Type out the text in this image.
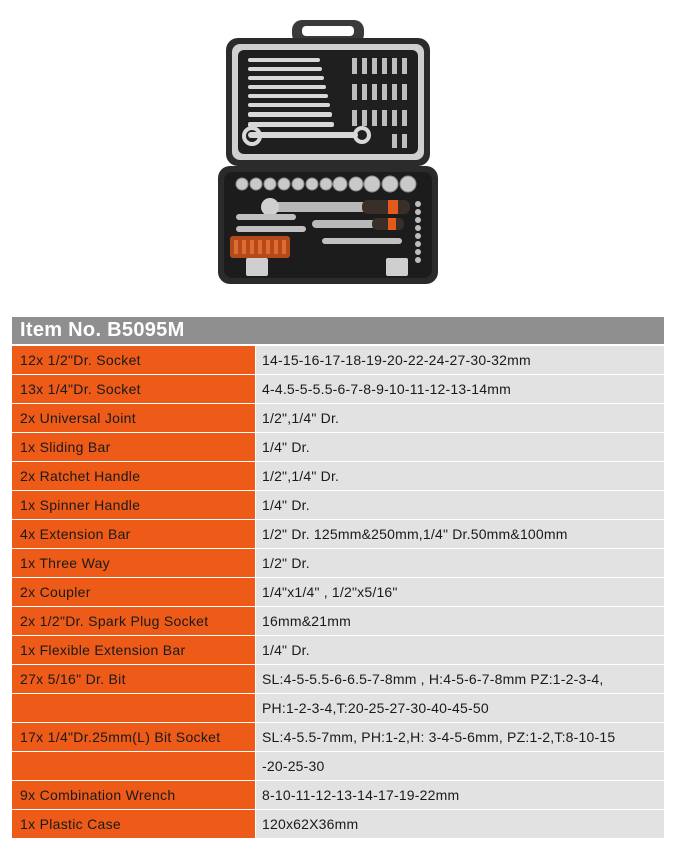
Item No. B5095M
12x 1/2"Dr. Socket	14-15-16-17-18-19-20-22-24-27-30-32mm
13x 1/4"Dr. Socket	4-4.5-5-5.5-6-7-8-9-10-11-12-13-14mm
2x Universal Joint	1/2",1/4" Dr.
1x Sliding Bar	1/4" Dr.
2x Ratchet Handle	1/2",1/4" Dr.
1x Spinner Handle	1/4" Dr.
4x Extension Bar	1/2" Dr. 125mm&250mm,1/4" Dr.50mm&100mm
1x Three Way	1/2" Dr.
2x Coupler	1/4"x1/4" , 1/2"x5/16"
2x 1/2"Dr. Spark Plug Socket	16mm&21mm
1x Flexible Extension Bar	1/4" Dr.
27x 5/16" Dr. Bit	SL:4-5-5.5-6-6.5-7-8mm , H:4-5-6-7-8mm PZ:1-2-3-4,
PH:1-2-3-4,T:20-25-27-30-40-45-50
17x 1/4"Dr.25mm(L) Bit Socket	SL:4-5.5-7mm, PH:1-2,H: 3-4-5-6mm, PZ:1-2,T:8-10-15
-20-25-30
9x Combination Wrench	8-10-11-12-13-14-17-19-22mm
1x Plastic Case	120x62X36mm
